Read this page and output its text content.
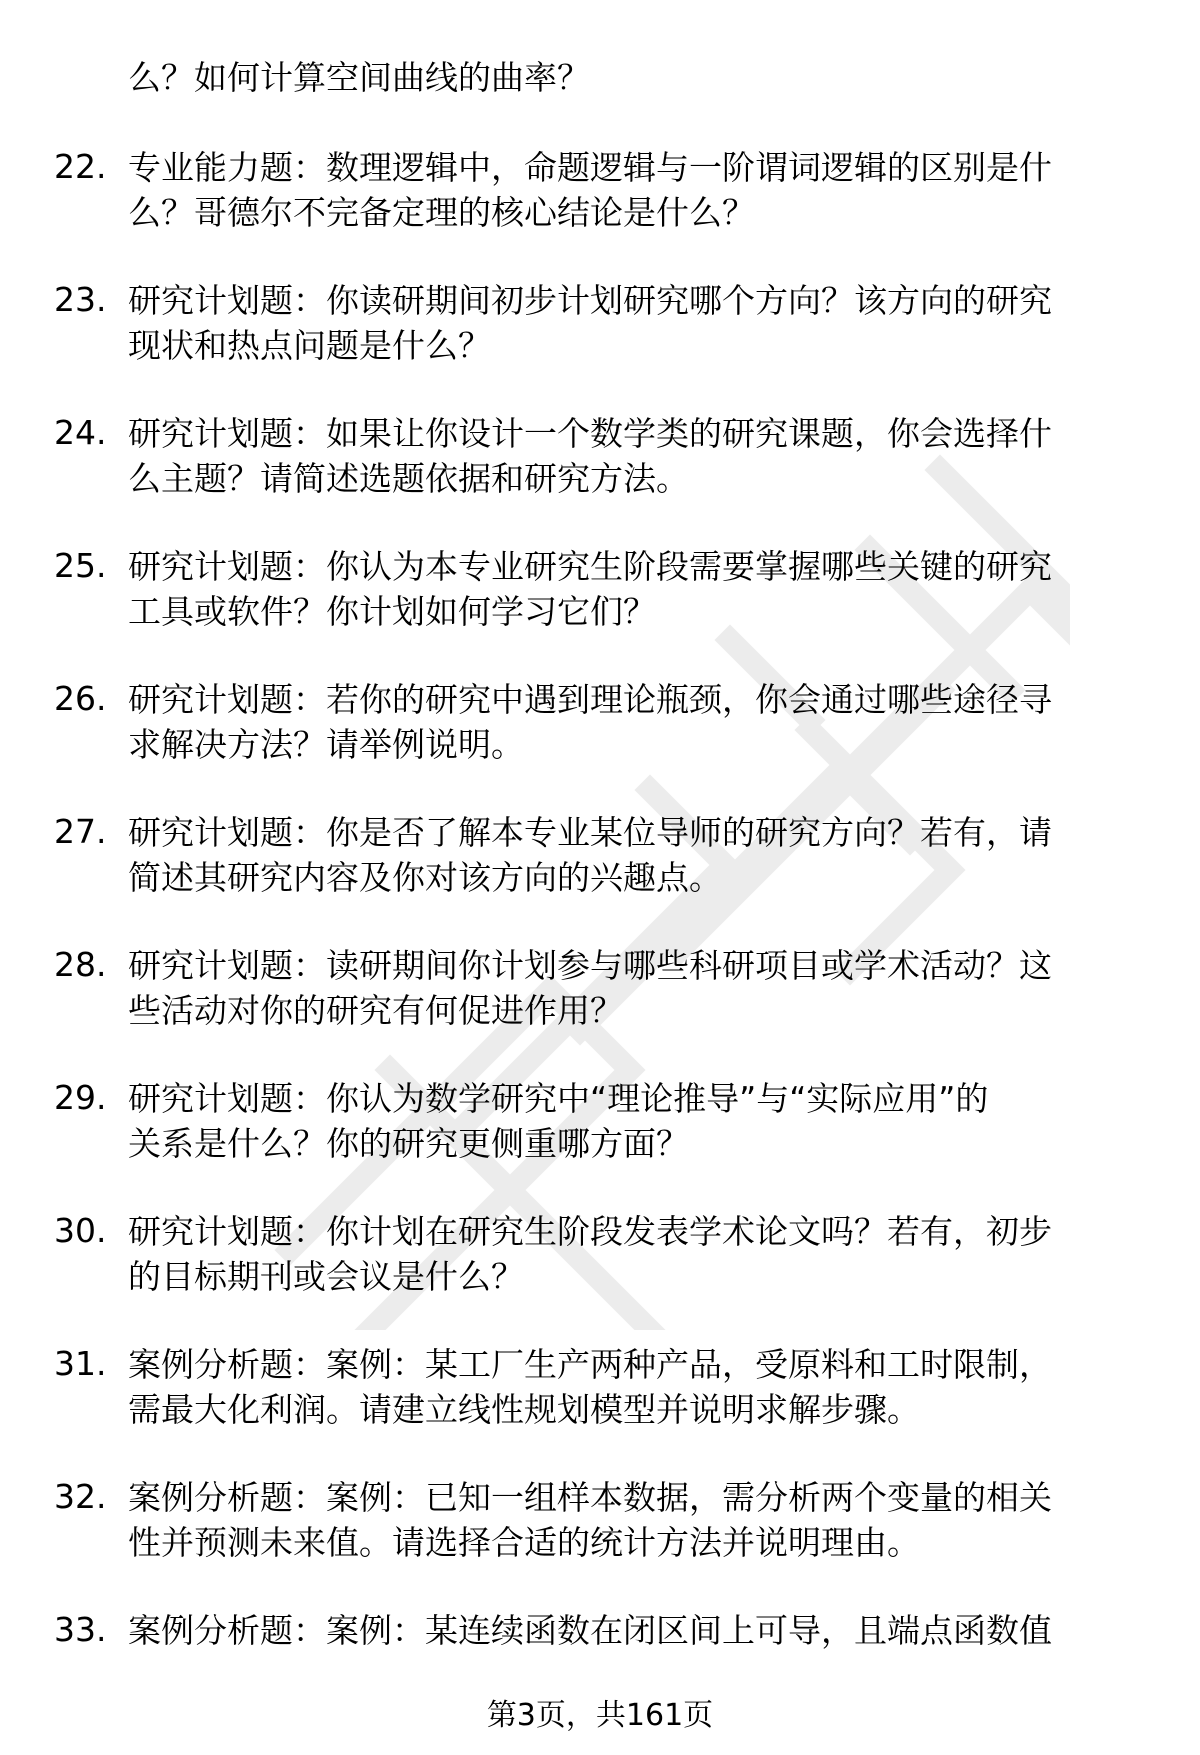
么？如何计算空间曲线的曲率？
22. 专业能力题：数理逻辑中，命题逻辑与一阶谓词逻辑的区别是什
么？哥德尔不完备定理的核心结论是什么？
23. 研究计划题：你读研期间初步计划研究哪个方向？该方向的研究
现状和热点问题是什么？
24. 研究计划题：如果让你设计一个数学类的研究课题，你会选择什
么主题？请简述选题依据和研究方法。
25. 研究计划题：你认为本专业研究生阶段需要掌握哪些关键的研究
工具或软件？你计划如何学习它们？
26. 研究计划题：若你的研究中遇到理论瓶颈，你会通过哪些途径寻
求解决方法？请举例说明。
27. 研究计划题：你是否了解本专业某位导师的研究方向？若有，请
简述其研究内容及你对该方向的兴趣点。
28. 研究计划题：读研期间你计划参与哪些科研项目或学术活动？这
些活动对你的研究有何促进作用？
29. 研究计划题：你认为数学研究中“理论推导”与“实际应用”的
关系是什么？你的研究更侧重哪方面？
30. 研究计划题：你计划在研究生阶段发表学术论文吗？若有，初步
的目标期刊或会议是什么？
31. 案例分析题：案例：某工厂生产两种产品，受原料和工时限制，
需最大化利润。请建立线性规划模型并说明求解步骤。
32. 案例分析题：案例：已知一组样本数据，需分析两个变量的相关
性并预测未来值。请选择合适的统计方法并说明理由。
33. 案例分析题：案例：某连续函数在闭区间上可导，且端点函数值
第3页，共161页
